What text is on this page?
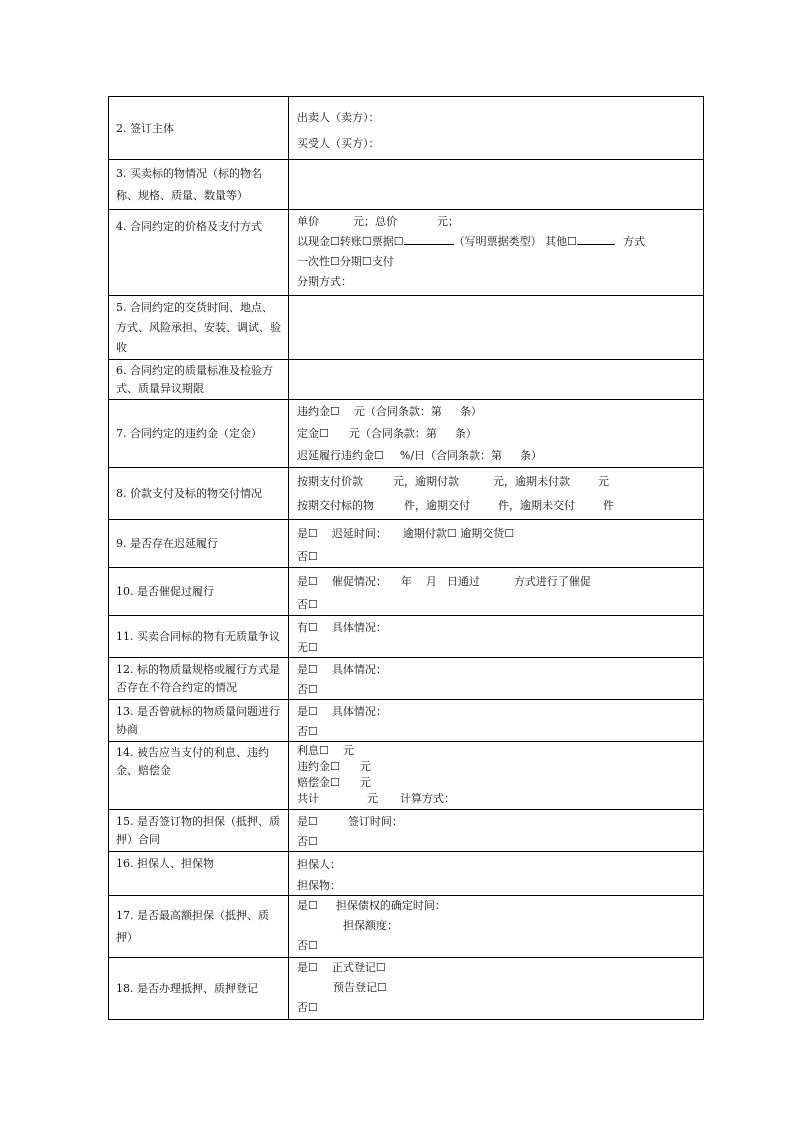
2. 签订主体
出卖人（卖方）：
买受人（买方）：
3. 买卖标的物情况（标的物名称、规格、质量、数量等）
4. 合同约定的价格及支付方式	单价	元；总价	元；
以现金☐转账☐票据☐	（写明票据类型） 其他☐	方式
一次性☐分期☐支付
分期方式：
5. 合同约定的交货时间、地点、方式、风险承担、安装、调试、验收
6. 合同约定的质量标准及检验方式、质量异议期限
7. 合同约定的违约金（定金）
违约金☐ 元（合同条款：第 条）
定金☐ 元（合同条款：第 条）
迟延履行违约金☐ %/日（合同条款：第 条）
8. 价款支付及标的物交付情况
按期支付价款	元，逾期付款	元，逾期未付款	元
按期交付标的物	件，逾期交付	件，逾期未交付	件
9. 是否存在迟延履行
是☐ 迟延时间： 逾期付款☐ 逾期交货☐
否☐
10. 是否催促过履行
是☐ 催促情况： 年 月 日通过	方式进行了催促
否☐
11. 买卖合同标的物有无质量争议
有☐ 具体情况：
无☐
12. 标的物质量规格或履行方式是否存在不符合约定的情况
是☐ 具体情况：
否☐
13. 是否曾就标的物质量问题进行协商
是☐ 具体情况：
否☐
14. 被告应当支付的利息、违约金、赔偿金
利息☐ 元
违约金☐ 元
赔偿金☐ 元
共计	元 计算方式：
15. 是否签订物的担保（抵押、质押）合同
是☐	签订时间：
否☐
16. 担保人、担保物	担保人：
担保物：
17. 是否最高额担保（抵押、质押）
是☐ 担保债权的确定时间：
担保额度：
否☐
18. 是否办理抵押、质押登记
是☐ 正式登记☐
预告登记☐
否☐
